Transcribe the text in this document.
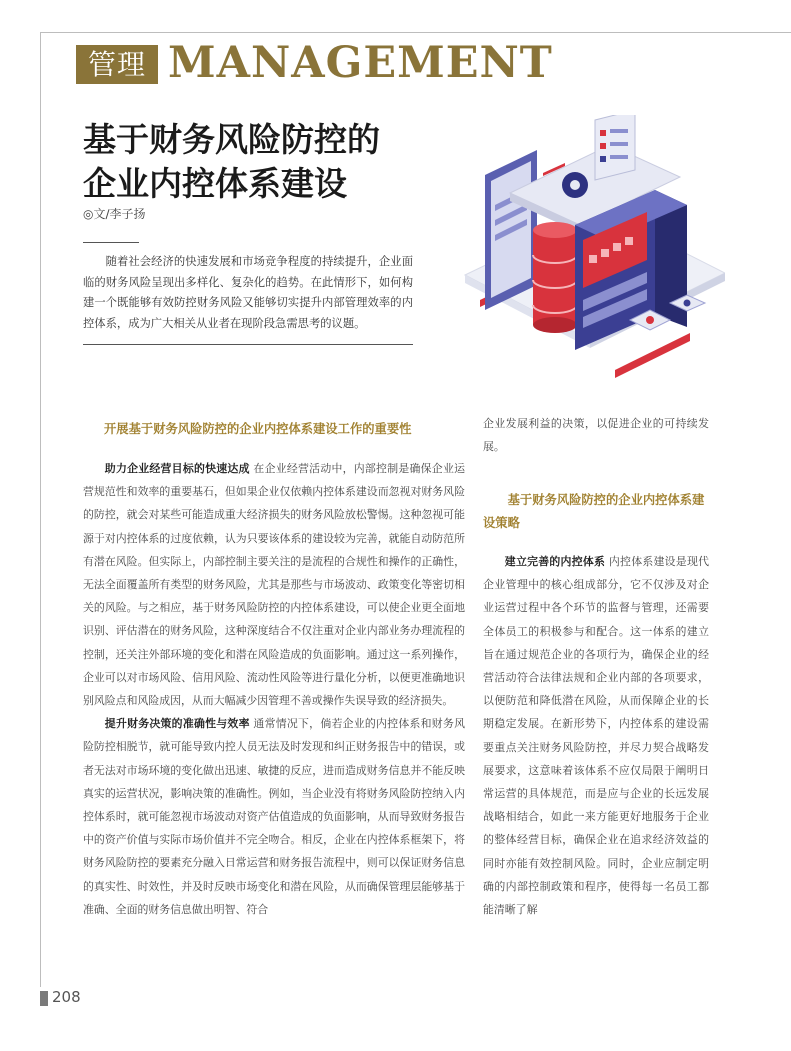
管理 MANAGEMENT
基于财务风险防控的
企业内控体系建设
◎文∕李子扬
随着社会经济的快速发展和市场竞争程度的持续提升，企业面临的财务风险呈现出多样化、复杂化的趋势。在此情形下，如何构建一个既能够有效防控财务风险又能够切实提升内部管理效率的内控体系，成为广大相关从业者在现阶段急需思考的议题。
开展基于财务风险防控的企业内控体系建设工作的重要性

助力企业经营目标的快速达成 在企业经营活动中，内部控制是确保企业运营规范性和效率的重要基石，但如果企业仅依赖内控体系建设而忽视对财务风险的防控，就会对某些可能造成重大经济损失的财务风险放松警惕。这种忽视可能源于对内控体系的过度依赖，认为只要该体系的建设较为完善，就能自动防范所有潜在风险。但实际上，内部控制主要关注的是流程的合规性和操作的正确性，无法全面覆盖所有类型的财务风险，尤其是那些与市场波动、政策变化等密切相关的风险。与之相应，基于财务风险防控的内控体系建设，可以使企业更全面地识别、评估潜在的财务风险，这种深度结合不仅注重对企业内部业务办理流程的控制，还关注外部环境的变化和潜在风险造成的负面影响。通过这一系列操作，企业可以对市场风险、信用风险、流动性风险等进行量化分析，以便更准确地识别风险点和风险成因，从而大幅减少因管理不善或操作失误导致的经济损失。

提升财务决策的准确性与效率 通常情况下，倘若企业的内控体系和财务风险防控相脱节，就可能导致内控人员无法及时发现和纠正财务报告中的错误，或者无法对市场环境的变化做出迅速、敏捷的反应，进而造成财务信息并不能反映真实的运营状况，影响决策的准确性。例如，当企业没有将财务风险防控纳入内控体系时，就可能忽视市场波动对资产估值造成的负面影响，从而导致财务报告中的资产价值与实际市场价值并不完全吻合。相反，企业在内控体系框架下，将财务风险防控的要素充分融入日常运营和财务报告流程中，则可以保证财务信息的真实性、时效性，并及时反映市场变化和潜在风险，从而确保管理层能够基于准确、全面的财务信息做出明智、符合

企业发展利益的决策，以促进企业的可持续发展。

基于财务风险防控的企业内控体系建设策略

建立完善的内控体系 内控体系建设是现代企业管理中的核心组成部分，它不仅涉及对企业运营过程中各个环节的监督与管理，还需要全体员工的积极参与和配合。这一体系的建立旨在通过规范企业的各项行为，确保企业的经营活动符合法律法规和企业内部的各项要求，以便防范和降低潜在风险，从而保障企业的长期稳定发展。在新形势下，内控体系的建设需要重点关注财务风险防控，并尽力契合战略发展要求，这意味着该体系不应仅局限于阐明日常运营的具体规范，而是应与企业的长远发展战略相结合，如此一来方能更好地服务于企业的整体经营目标，确保企业在追求经济效益的同时亦能有效控制风险。同时，企业应制定明确的内部控制政策和程序，使得每一名员工都能清晰了解

208
